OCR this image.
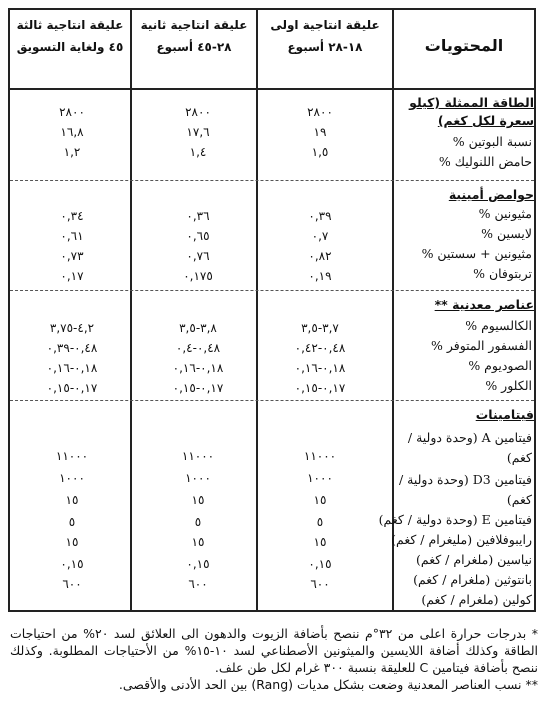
المحتويات
عليقة انتاجية اولى
١٨-٢٨ أسبوع
عليقة انتاجية ثانية
٢٨-٤٥ أسبوع
عليقة انتاجية ثالثة
٤٥ ولغاية التسويق
الطاقة الممثلة (كيلو سعرة لكل كغم)
٢٨٠٠
٢٨٠٠
٢٨٠٠
نسبة البوتين %
١٩
١٧,٦
١٦,٨
حامض اللنوليك %
١,٥
١,٤
١,٢
حوامض أمينية
مثيونين %
٠,٣٩
٠,٣٦
٠,٣٤
لايسين %
٠,٧
٠,٦٥
٠,٦١
مثيونين + سستين %
٠,٨٢
٠,٧٦
٠,٧٣
تربتوفان %
٠,١٩
٠,١٧٥
٠,١٧
عناصر معدنية **
الكالسيوم %
٣,٧-٣,٥
٣,٨-٣,٥
٤,٢-٣,٧٥
الفسفور المتوفر %
٠,٤٨-٠,٤٢
٠,٤٨-٠,٤
٠,٤٨-٠,٣٩
الصوديوم %
٠,١٨-٠,١٦
٠,١٨-٠,١٦
٠,١٨-٠,١٦
الكلور %
٠,١٧-٠,١٥
٠,١٧-٠,١٥
٠,١٧-٠,١٥
فيتامينات
فيتامين A (وحدة دولية / كغم)
١١٠٠٠
١١٠٠٠
١١٠٠٠
فيتامين D3 (وحدة دولية / كغم)
١٠٠٠
١٠٠٠
١٠٠٠
فيتامين E (وحدة دولية / كغم)
١٥
١٥
١٥
رايبوفلافين (مليغرام / كغم)
٥
٥
٥
نياسين (ملغرام / كغم)
١٥
١٥
١٥
بانتوثين (ملغرام / كغم)
٠,١٥
٠,١٥
٠,١٥
كولين (ملغرام / كغم)
٦٠٠
٦٠٠
٦٠٠

* بدرجات حرارة اعلى من ٣٢°م ننصح بأضافة الزيوت والدهون الى العلائق لسد ٢٠% من احتياجات الطاقة وكذلك أضافة اللايسين والميثونين الأصطناعي لسد ١٠-١٥% من الأحتياجات المطلوبة. وكذلك ننصح بأضافة فيتامين C للعليقة بنسبة ٣٠٠ غرام لكل طن علف.

** نسب العناصر المعدنية وضعت بشكل مديات (Rang) بين الحد الأدنى والأقصى.
